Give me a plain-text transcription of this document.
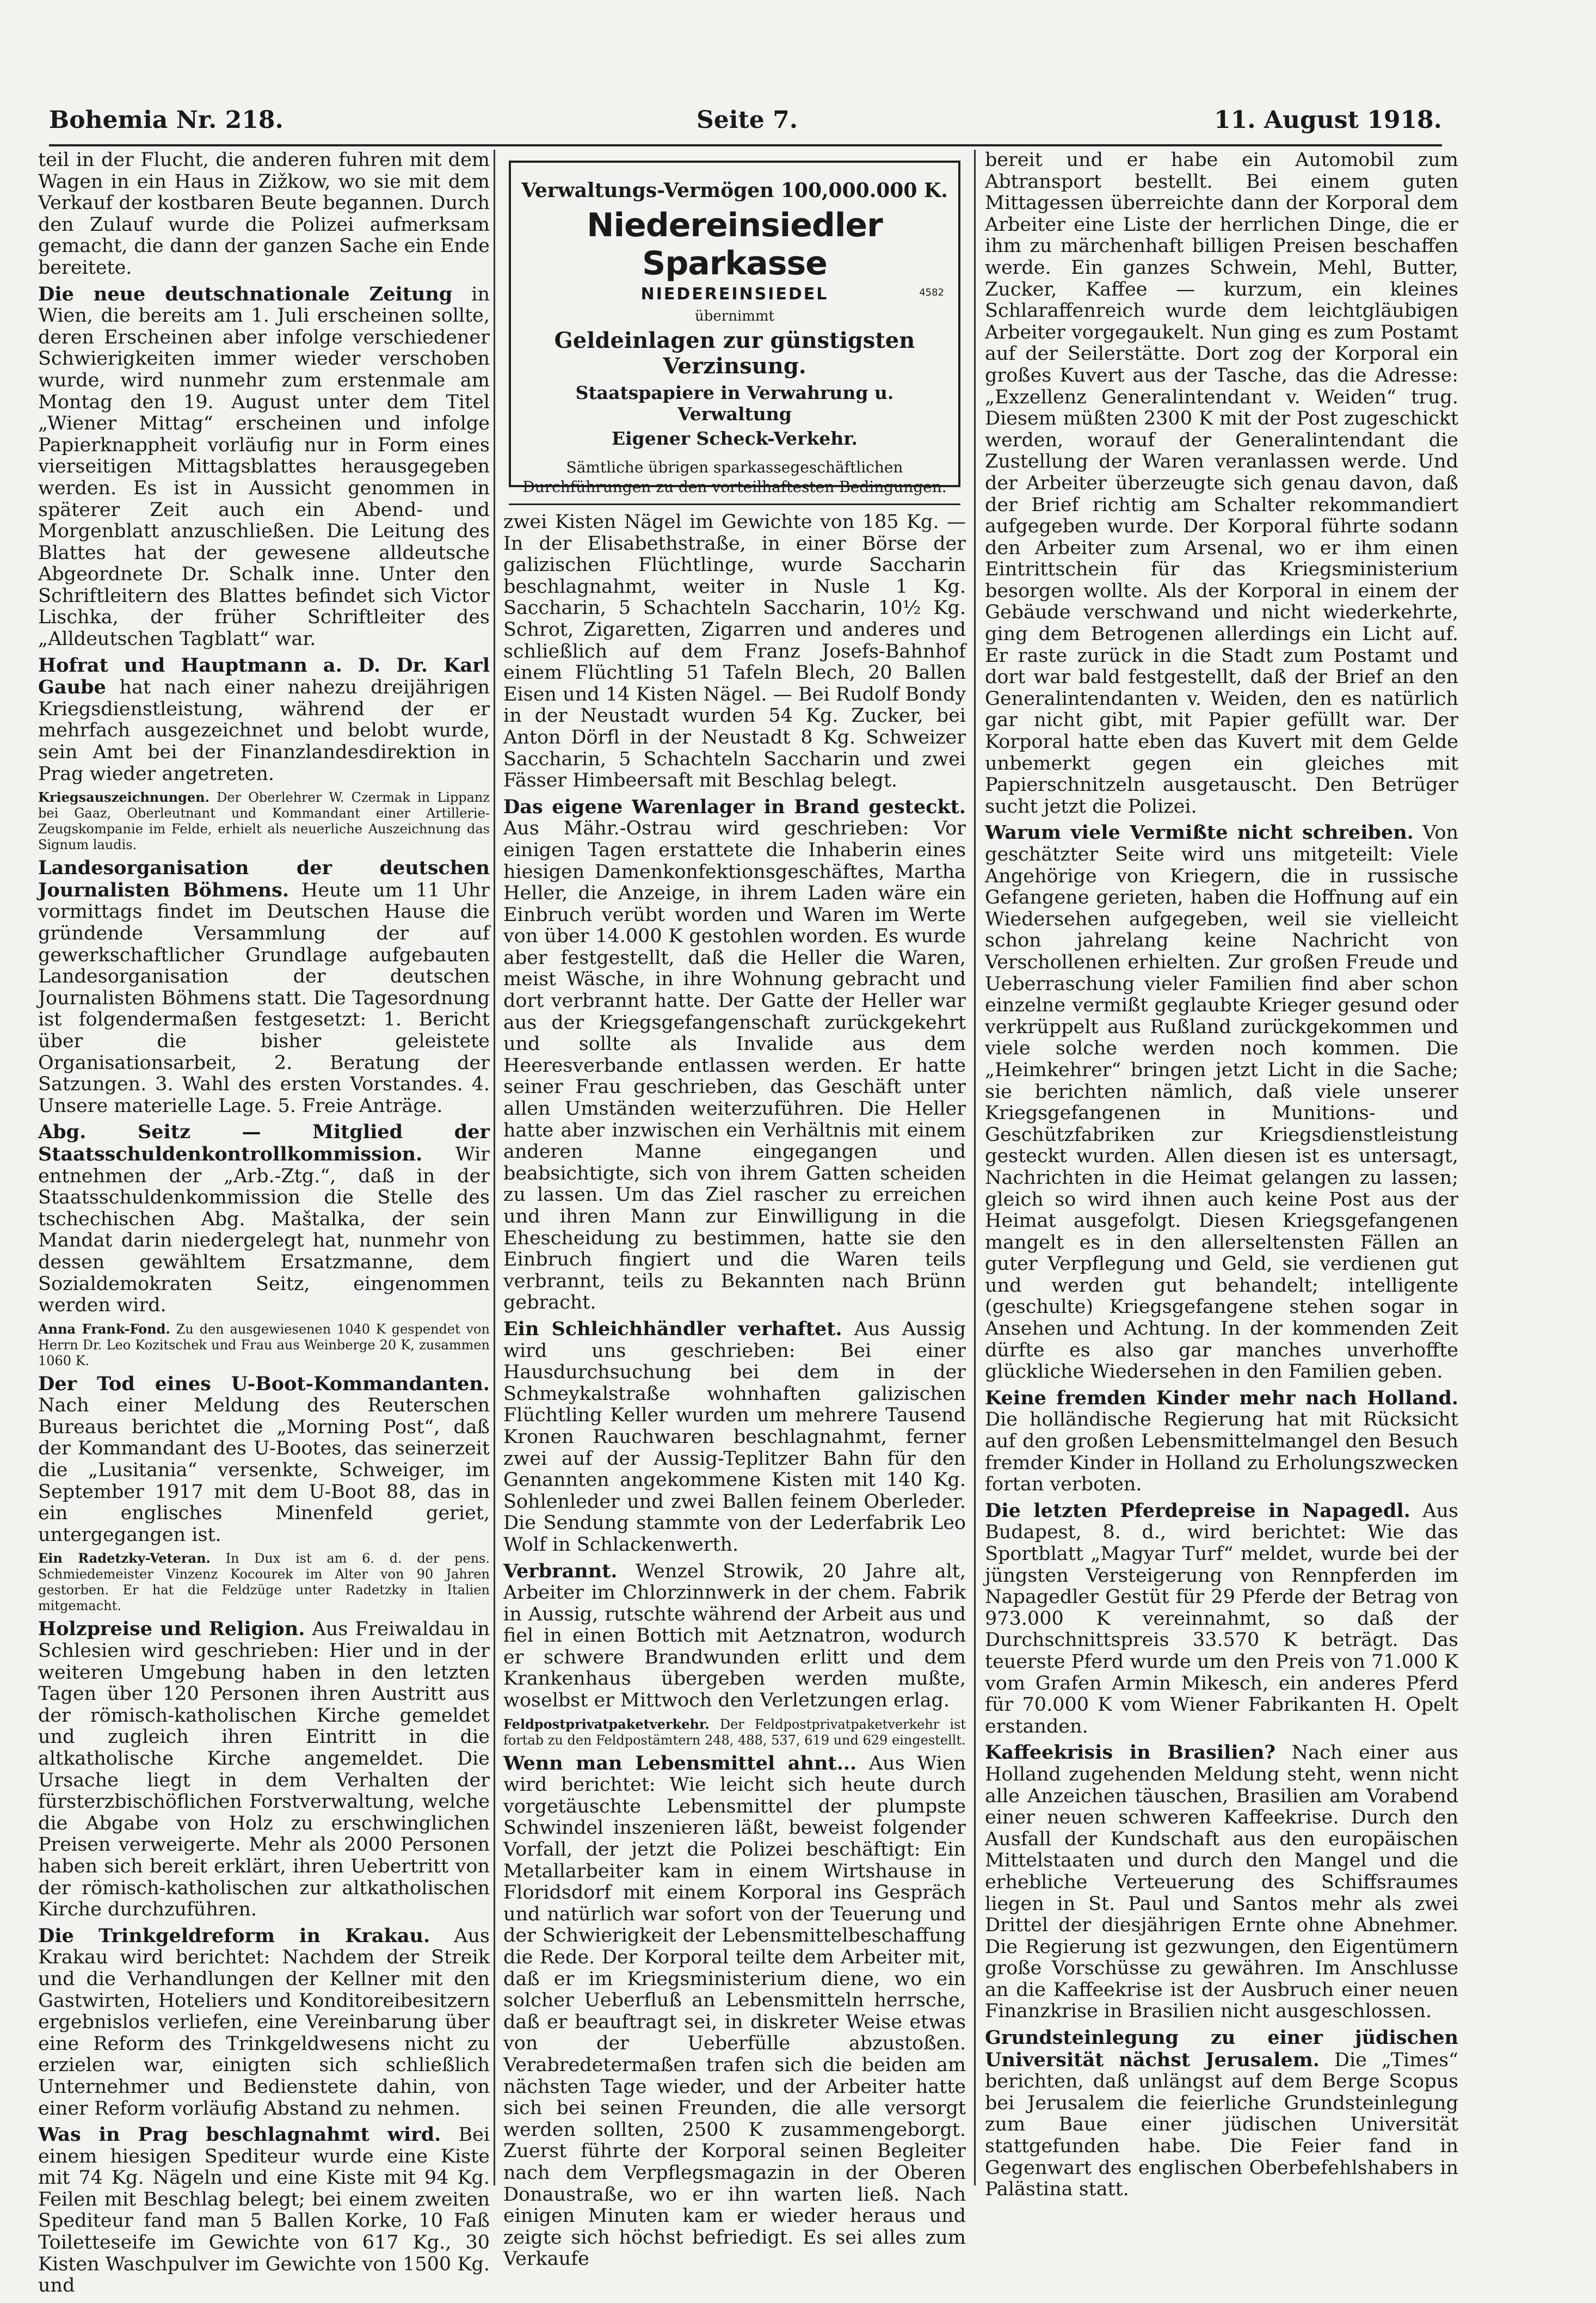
Bohemia Nr. 218.	Seite 7.	11. August 1918.

teil in der Flucht, die anderen fuhren mit dem Wagen in ein Haus in Zižkow, wo sie mit dem Verkauf der kostbaren Beute begannen. Durch den Zulauf wurde die Polizei aufmerksam gemacht, die dann der ganzen Sache ein Ende bereitete.

Die neue deutschnationale Zeitung in Wien, die bereits am 1. Juli erscheinen sollte, deren Erscheinen aber infolge verschiedener Schwierigkeiten immer wieder verschoben wurde, wird nunmehr zum erstenmale am Montag den 19. August unter dem Titel „Wiener Mittag“ erscheinen und infolge Papierknappheit vorläufig nur in Form eines vierseitigen Mittagsblattes herausgegeben werden. Es ist in Aussicht genommen in späterer Zeit auch ein Abend- und Morgenblatt anzuschließen. Die Leitung des Blattes hat der gewesene alldeutsche Abgeordnete Dr. Schalk inne. Unter den Schriftleitern des Blattes befindet sich Victor Lischka, der früher Schriftleiter des „Alldeutschen Tagblatt“ war.

Hofrat und Hauptmann a. D. Dr. Karl Gaube hat nach einer nahezu dreijährigen Kriegsdienstleistung, während der er mehrfach ausgezeichnet und belobt wurde, sein Amt bei der Finanzlandesdirektion in Prag wieder angetreten.

Kriegsauszeichnungen. Der Oberlehrer W. Czermak in Lippanz bei Gaaz, Oberleutnant und Kommandant einer Artillerie-Zeugskompanie im Felde, erhielt als neuerliche Auszeichnung das Signum laudis.

Landesorganisation der deutschen Journalisten Böhmens. Heute um 11 Uhr vormittags findet im Deutschen Hause die gründende Versammlung der auf gewerkschaftlicher Grundlage aufgebauten Landesorganisation der deutschen Journalisten Böhmens statt. Die Tagesordnung ist folgendermaßen festgesetzt: 1. Bericht über die bisher geleistete Organisationsarbeit, 2. Beratung der Satzungen. 3. Wahl des ersten Vorstandes. 4. Unsere materielle Lage. 5. Freie Anträge.

Abg. Seitz — Mitglied der Staatsschuldenkontrollkommission. Wir entnehmen der „Arb.-Ztg.“, daß in der Staatsschuldenkommission die Stelle des tschechischen Abg. Maštalka, der sein Mandat darin niedergelegt hat, nunmehr von dessen gewähltem Ersatzmanne, dem Sozialdemokraten Seitz, eingenommen werden wird.

Anna Frank-Fond. Zu den ausgewiesenen 1040 K gespendet von Herrn Dr. Leo Kozitschek und Frau aus Weinberge 20 K, zusammen 1060 K.

Der Tod eines U-Boot-Kommandanten. Nach einer Meldung des Reuterschen Bureaus berichtet die „Morning Post“, daß der Kommandant des U-Bootes, das seinerzeit die „Lusitania“ versenkte, Schweiger, im September 1917 mit dem U-Boot 88, das in ein englisches Minenfeld geriet, untergegangen ist.

Ein Radetzky-Veteran. In Dux ist am 6. d. der pens. Schmiedemeister Vinzenz Kocourek im Alter von 90 Jahren gestorben. Er hat die Feldzüge unter Radetzky in Italien mitgemacht.

Holzpreise und Religion. Aus Freiwaldau in Schlesien wird geschrieben: Hier und in der weiteren Umgebung haben in den letzten Tagen über 120 Personen ihren Austritt aus der römisch-katholischen Kirche gemeldet und zugleich ihren Eintritt in die altkatholische Kirche angemeldet. Die Ursache liegt in dem Verhalten der fürsterzbischöflichen Forstverwaltung, welche die Abgabe von Holz zu erschwinglichen Preisen verweigerte. Mehr als 2000 Personen haben sich bereit erklärt, ihren Uebertritt von der römisch-katholischen zur altkatholischen Kirche durchzuführen.

Die Trinkgeldreform in Krakau. Aus Krakau wird berichtet: Nachdem der Streik und die Verhandlungen der Kellner mit den Gastwirten, Hoteliers und Konditoreibesitzern ergebnislos verliefen, eine Vereinbarung über eine Reform des Trinkgeldwesens nicht zu erzielen war, einigten sich schließlich Unternehmer und Bedienstete dahin, von einer Reform vorläufig Abstand zu nehmen.

Was in Prag beschlagnahmt wird. Bei einem hiesigen Spediteur wurde eine Kiste mit 74 Kg. Nägeln und eine Kiste mit 94 Kg. Feilen mit Beschlag belegt; bei einem zweiten Spediteur fand man 5 Ballen Korke, 10 Faß Toiletteseife im Gewichte von 617 Kg., 30 Kisten Waschpulver im Gewichte von 1500 Kg. und

Verwaltungs-Vermögen 100,000.000 K.
Niedereinsiedler Sparkasse
NIEDEREINSIEDEL	4582
übernimmt
Geldeinlagen zur günstigsten Verzinsung.
Staatspapiere in Verwahrung u. Verwaltung
Eigener Scheck-Verkehr.
Sämtliche übrigen sparkassegeschäftlichen Durchführungen zu den vorteilhaftesten Bedingungen.

zwei Kisten Nägel im Gewichte von 185 Kg. — In der Elisabethstraße, in einer Börse der galizischen Flüchtlinge, wurde Saccharin beschlagnahmt, weiter in Nusle 1 Kg. Saccharin, 5 Schachteln Saccharin, 10½ Kg. Schrot, Zigaretten, Zigarren und anderes und schließlich auf dem Franz Josefs-Bahnhof einem Flüchtling 51 Tafeln Blech, 20 Ballen Eisen und 14 Kisten Nägel. — Bei Rudolf Bondy in der Neustadt wurden 54 Kg. Zucker, bei Anton Dörfl in der Neustadt 8 Kg. Schweizer Saccharin, 5 Schachteln Saccharin und zwei Fässer Himbeersaft mit Beschlag belegt.

Das eigene Warenlager in Brand gesteckt. Aus Mähr.-Ostrau wird geschrieben: Vor einigen Tagen erstattete die Inhaberin eines hiesigen Damenkonfektionsgeschäftes, Martha Heller, die Anzeige, in ihrem Laden wäre ein Einbruch verübt worden und Waren im Werte von über 14.000 K gestohlen worden. Es wurde aber festgestellt, daß die Heller die Waren, meist Wäsche, in ihre Wohnung gebracht und dort verbrannt hatte. Der Gatte der Heller war aus der Kriegsgefangenschaft zurückgekehrt und sollte als Invalide aus dem Heeresverbande entlassen werden. Er hatte seiner Frau geschrieben, das Geschäft unter allen Umständen weiterzuführen. Die Heller hatte aber inzwischen ein Verhältnis mit einem anderen Manne eingegangen und beabsichtigte, sich von ihrem Gatten scheiden zu lassen. Um das Ziel rascher zu erreichen und ihren Mann zur Einwilligung in die Ehescheidung zu bestimmen, hatte sie den Einbruch fingiert und die Waren teils verbrannt, teils zu Bekannten nach Brünn gebracht.

Ein Schleichhändler verhaftet. Aus Aussig wird uns geschrieben: Bei einer Hausdurchsuchung bei dem in der Schmeykalstraße wohnhaften galizischen Flüchtling Keller wurden um mehrere Tausend Kronen Rauchwaren beschlagnahmt, ferner zwei auf der Aussig-Teplitzer Bahn für den Genannten angekommene Kisten mit 140 Kg. Sohlenleder und zwei Ballen feinem Oberleder. Die Sendung stammte von der Lederfabrik Leo Wolf in Schlackenwerth.

Verbrannt. Wenzel Strowik, 20 Jahre alt, Arbeiter im Chlorzinnwerk in der chem. Fabrik in Aussig, rutschte während der Arbeit aus und fiel in einen Bottich mit Aetznatron, wodurch er schwere Brandwunden erlitt und dem Krankenhaus übergeben werden mußte, woselbst er Mittwoch den Verletzungen erlag.

Feldpostprivatpaketverkehr. Der Feldpostprivatpaketverkehr ist fortab zu den Feldpostämtern 248, 488, 537, 619 und 629 eingestellt.

Wenn man Lebensmittel ahnt... Aus Wien wird berichtet: Wie leicht sich heute durch vorgetäuschte Lebensmittel der plumpste Schwindel inszenieren läßt, beweist folgender Vorfall, der jetzt die Polizei beschäftigt: Ein Metallarbeiter kam in einem Wirtshause in Floridsdorf mit einem Korporal ins Gespräch und natürlich war sofort von der Teuerung und der Schwierigkeit der Lebensmittelbeschaffung die Rede. Der Korporal teilte dem Arbeiter mit, daß er im Kriegsministerium diene, wo ein solcher Ueberfluß an Lebensmitteln herrsche, daß er beauftragt sei, in diskreter Weise etwas von der Ueberfülle abzustoßen. Verabredetermaßen trafen sich die beiden am nächsten Tage wieder, und der Arbeiter hatte sich bei seinen Freunden, die alle versorgt werden sollten, 2500 K zusammengeborgt. Zuerst führte der Korporal seinen Begleiter nach dem Verpflegsmagazin in der Oberen Donaustraße, wo er ihn warten ließ. Nach einigen Minuten kam er wieder heraus und zeigte sich höchst befriedigt. Es sei alles zum Verkaufe

bereit und er habe ein Automobil zum Abtransport bestellt. Bei einem guten Mittagessen überreichte dann der Korporal dem Arbeiter eine Liste der herrlichen Dinge, die er ihm zu märchenhaft billigen Preisen beschaffen werde. Ein ganzes Schwein, Mehl, Butter, Zucker, Kaffee — kurzum, ein kleines Schlaraffenreich wurde dem leichtgläubigen Arbeiter vorgegaukelt. Nun ging es zum Postamt auf der Seilerstätte. Dort zog der Korporal ein großes Kuvert aus der Tasche, das die Adresse: „Exzellenz Generalintendant v. Weiden“ trug. Diesem müßten 2300 K mit der Post zugeschickt werden, worauf der Generalintendant die Zustellung der Waren veranlassen werde. Und der Arbeiter überzeugte sich genau davon, daß der Brief richtig am Schalter rekommandiert aufgegeben wurde. Der Korporal führte sodann den Arbeiter zum Arsenal, wo er ihm einen Eintrittschein für das Kriegsministerium besorgen wollte. Als der Korporal in einem der Gebäude verschwand und nicht wiederkehrte, ging dem Betrogenen allerdings ein Licht auf. Er raste zurück in die Stadt zum Postamt und dort war bald festgestellt, daß der Brief an den Generalintendanten v. Weiden, den es natürlich gar nicht gibt, mit Papier gefüllt war. Der Korporal hatte eben das Kuvert mit dem Gelde unbemerkt gegen ein gleiches mit Papierschnitzeln ausgetauscht. Den Betrüger sucht jetzt die Polizei.

Warum viele Vermißte nicht schreiben. Von geschätzter Seite wird uns mitgeteilt: Viele Angehörige von Kriegern, die in russische Gefangene gerieten, haben die Hoffnung auf ein Wiedersehen aufgegeben, weil sie vielleicht schon jahrelang keine Nachricht von Verschollenen erhielten. Zur großen Freude und Ueberraschung vieler Familien find aber schon einzelne vermißt geglaubte Krieger gesund oder verkrüppelt aus Rußland zurückgekommen und viele solche werden noch kommen. Die „Heimkehrer“ bringen jetzt Licht in die Sache; sie berichten nämlich, daß viele unserer Kriegsgefangenen in Munitions- und Geschützfabriken zur Kriegsdienstleistung gesteckt wurden. Allen diesen ist es untersagt, Nachrichten in die Heimat gelangen zu lassen; gleich so wird ihnen auch keine Post aus der Heimat ausgefolgt. Diesen Kriegsgefangenen mangelt es in den allerseltensten Fällen an guter Verpflegung und Geld, sie verdienen gut und werden gut behandelt; intelligente (geschulte) Kriegsgefangene stehen sogar in Ansehen und Achtung. In der kommenden Zeit dürfte es also gar manches unverhoffte glückliche Wiedersehen in den Familien geben.

Keine fremden Kinder mehr nach Holland. Die holländische Regierung hat mit Rücksicht auf den großen Lebensmittelmangel den Besuch fremder Kinder in Holland zu Erholungszwecken fortan verboten.

Die letzten Pferdepreise in Napagedl. Aus Budapest, 8. d., wird berichtet: Wie das Sportblatt „Magyar Turf“ meldet, wurde bei der jüngsten Versteigerung von Rennpferden im Napagedler Gestüt für 29 Pferde der Betrag von 973.000 K vereinnahmt, so daß der Durchschnittspreis 33.570 K beträgt. Das teuerste Pferd wurde um den Preis von 71.000 K vom Grafen Armin Mikesch, ein anderes Pferd für 70.000 K vom Wiener Fabrikanten H. Opelt erstanden.

Kaffeekrisis in Brasilien? Nach einer aus Holland zugehenden Meldung steht, wenn nicht alle Anzeichen täuschen, Brasilien am Vorabend einer neuen schweren Kaffeekrise. Durch den Ausfall der Kundschaft aus den europäischen Mittelstaaten und durch den Mangel und die erhebliche Verteuerung des Schiffsraumes liegen in St. Paul und Santos mehr als zwei Drittel der diesjährigen Ernte ohne Abnehmer. Die Regierung ist gezwungen, den Eigentümern große Vorschüsse zu gewähren. Im Anschlusse an die Kaffeekrise ist der Ausbruch einer neuen Finanzkrise in Brasilien nicht ausgeschlossen.

Grundsteinlegung zu einer jüdischen Universität nächst Jerusalem. Die „Times“ berichten, daß unlängst auf dem Berge Scopus bei Jerusalem die feierliche Grundsteinlegung zum Baue einer jüdischen Universität stattgefunden habe. Die Feier fand in Gegenwart des englischen Oberbefehlshabers in Palästina statt.
